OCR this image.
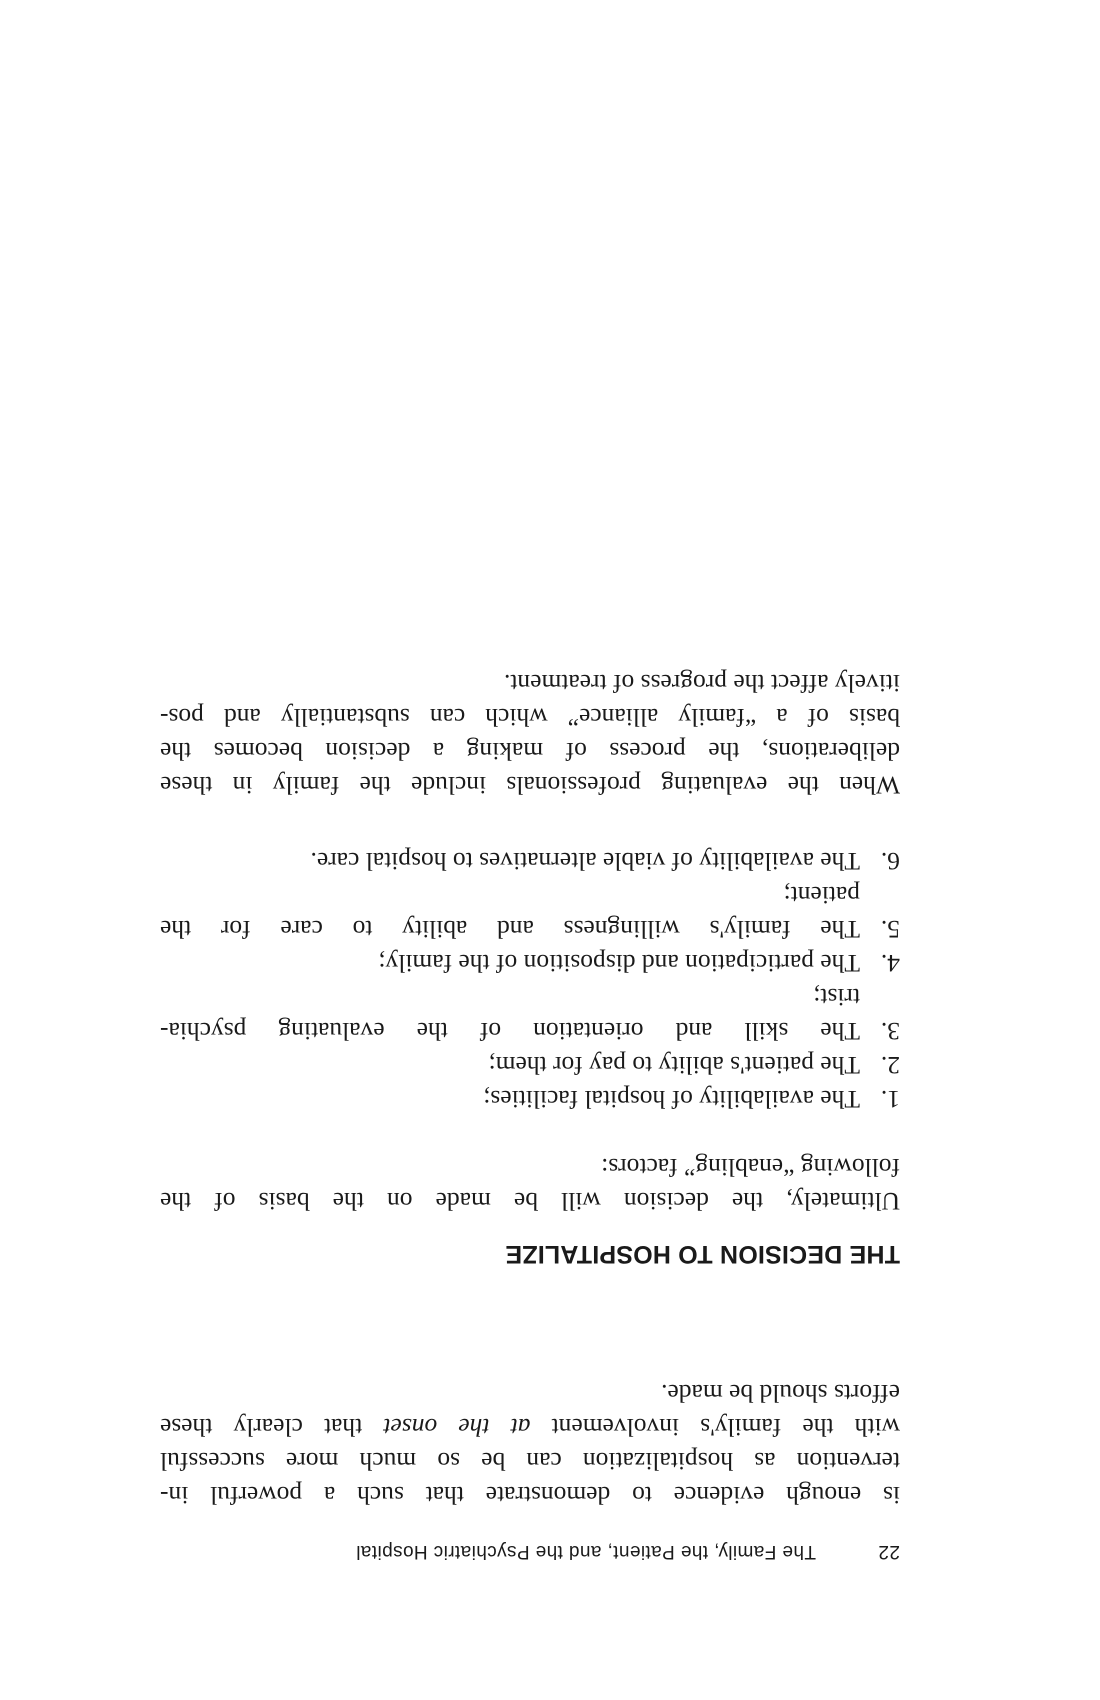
22The Family, the Patient, and the Psychiatric Hospital

is enough evidence to demonstrate that such a powerful in-
tervention as hospitalization can be so much more successful
with the family's involvement at the onset that clearly these
efforts should be made.

THE DECISION TO HOSPITALIZE

Ultimately, the decision will be made on the basis of the
following “enabling” factors:

1.
The availability of hospital facilities;
2.
The patient's ability to pay for them;
3.
The skill and orientation of the evaluating psychia-
trist;
4.
The participation and disposition of the family;
5.
The family's willingness and ability to care for the
patient;
6.
The availability of viable alternatives to hospital care.

When the evaluating professionals include the family in these
deliberations, the process of making a decision becomes the
basis of a “family alliance” which can substantially and pos-
itively affect the progress of treatment.
